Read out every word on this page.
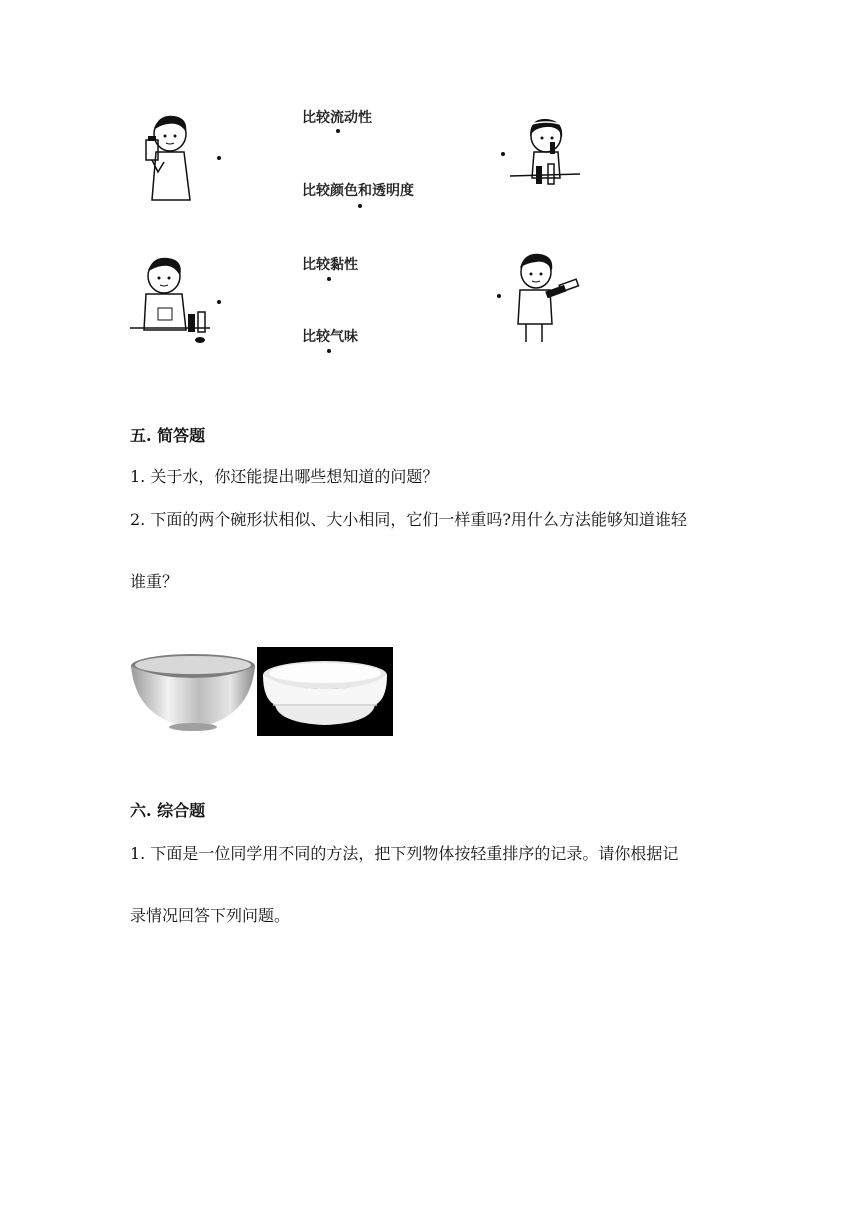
比较流动性
比较颜色和透明度
比较黏性
比较气味
五. 简答题
1. 关于水，你还能提出哪些想知道的问题？
2. 下面的两个碗形状相似、大小相同，它们一样重吗?用什么方法能够知道谁轻
谁重？
六. 综合题
1. 下面是一位同学用不同的方法，把下列物体按轻重排序的记录。请你根据记
录情况回答下列问题。
